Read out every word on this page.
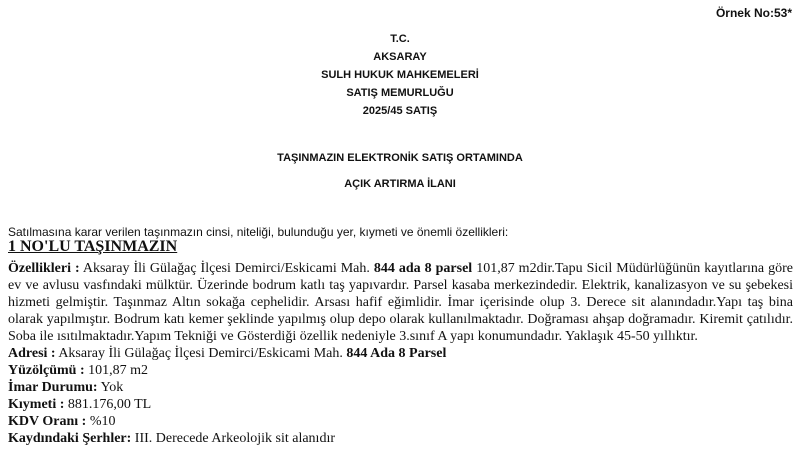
Örnek No:53*
T.C.
AKSARAY
SULH HUKUK MAHKEMELERİ
SATIŞ MEMURLUĞU
2025/45 SATIŞ
TAŞINMAZIN ELEKTRONİK SATIŞ ORTAMINDA
AÇIK ARTIRMA İLANI
Satılmasına karar verilen taşınmazın cinsi, niteliği, bulunduğu yer, kıymeti ve önemli özellikleri:
1 NO'LU TAŞINMAZIN

Özellikleri : Aksaray İli Gülağaç İlçesi Demirci/Eskicami Mah. 844 ada 8 parsel 101,87 m2dir.Tapu Sicil Müdürlüğünün kayıtlarına göre ev ve avlusu vasfındaki mülktür. Üzerinde bodrum katlı taş yapıvardır. Parsel kasaba merkezindedir. Elektrik, kanalizasyon ve su şebekesi hizmeti gelmiştir. Taşınmaz Altın sokağa cephelidir. Arsası hafif eğimlidir. İmar içerisinde olup 3. Derece sit alanındadır.Yapı taş bina olarak yapılmıştır. Bodrum katı kemer şeklinde yapılmış olup depo olarak kullanılmaktadır. Doğraması ahşap doğramadır. Kiremit çatılıdır. Soba ile ısıtılmaktadır.Yapım Tekniği ve Gösterdiği özellik nedeniyle 3.sınıf A yapı konumundadır. Yaklaşık 45-50 yıllıktır.

Adresi : Aksaray İli Gülağaç İlçesi Demirci/Eskicami Mah. 844 Ada 8 Parsel

Yüzölçümü : 101,87 m2

İmar Durumu: Yok

Kıymeti : 881.176,00 TL

KDV Oranı : %10

Kaydındaki Şerhler: III. Derecede Arkeolojik sit alanıdır
